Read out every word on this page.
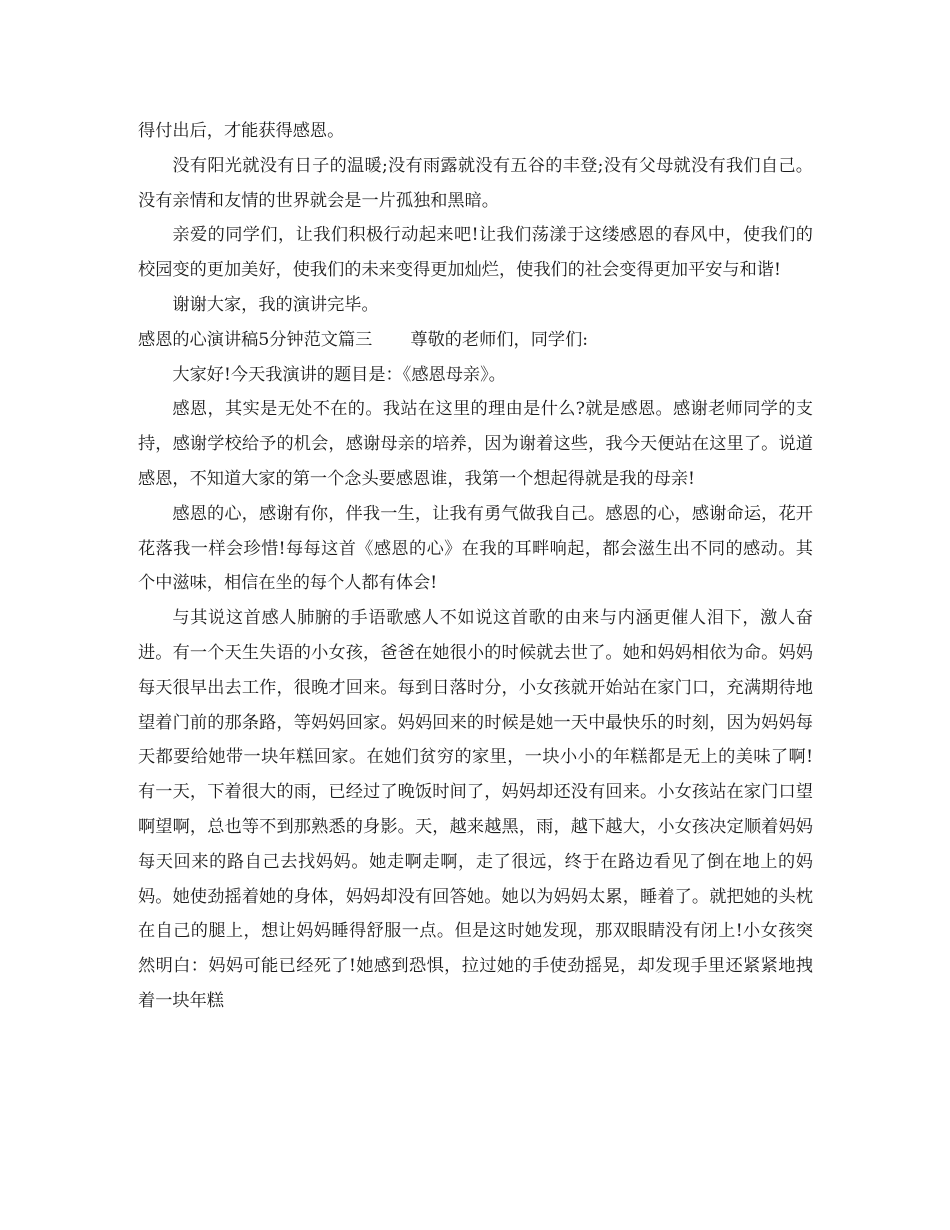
得付出后，才能获得感恩。

没有阳光就没有日子的温暖;没有雨露就没有五谷的丰登;没有父母就没有我们自己。没有亲情和友情的世界就会是一片孤独和黑暗。

亲爱的同学们，让我们积极行动起来吧!让我们荡漾于这缕感恩的春风中，使我们的校园变的更加美好，使我们的未来变得更加灿烂，使我们的社会变得更加平安与和谐!

谢谢大家，我的演讲完毕。

感恩的心演讲稿5分钟范文篇三 尊敬的老师们，同学们:

大家好!今天我演讲的题目是：《感恩母亲》。

感恩，其实是无处不在的。我站在这里的理由是什么?就是感恩。感谢老师同学的支持，感谢学校给予的机会，感谢母亲的培养，因为谢着这些，我今天便站在这里了。说道感恩，不知道大家的第一个念头要感恩谁，我第一个想起得就是我的母亲!

感恩的心，感谢有你，伴我一生，让我有勇气做我自己。感恩的心，感谢命运，花开花落我一样会珍惜!每每这首《感恩的心》在我的耳畔响起，都会滋生出不同的感动。其个中滋味，相信在坐的每个人都有体会!

与其说这首感人肺腑的手语歌感人不如说这首歌的由来与内涵更催人泪下，激人奋进。有一个天生失语的小女孩，爸爸在她很小的时候就去世了。她和妈妈相依为命。妈妈每天很早出去工作，很晚才回来。每到日落时分，小女孩就开始站在家门口，充满期待地望着门前的那条路，等妈妈回家。妈妈回来的时候是她一天中最快乐的时刻，因为妈妈每天都要给她带一块年糕回家。在她们贫穷的家里，一块小小的年糕都是无上的美味了啊!有一天，下着很大的雨，已经过了晚饭时间了，妈妈却还没有回来。小女孩站在家门口望啊望啊，总也等不到那熟悉的身影。天，越来越黑，雨，越下越大，小女孩决定顺着妈妈每天回来的路自己去找妈妈。她走啊走啊，走了很远，终于在路边看见了倒在地上的妈妈。她使劲摇着她的身体，妈妈却没有回答她。她以为妈妈太累，睡着了。就把她的头枕在自己的腿上，想让妈妈睡得舒服一点。但是这时她发现，那双眼睛没有闭上!小女孩突然明白：妈妈可能已经死了!她感到恐惧，拉过她的手使劲摇晃，却发现手里还紧紧地拽着一块年糕
